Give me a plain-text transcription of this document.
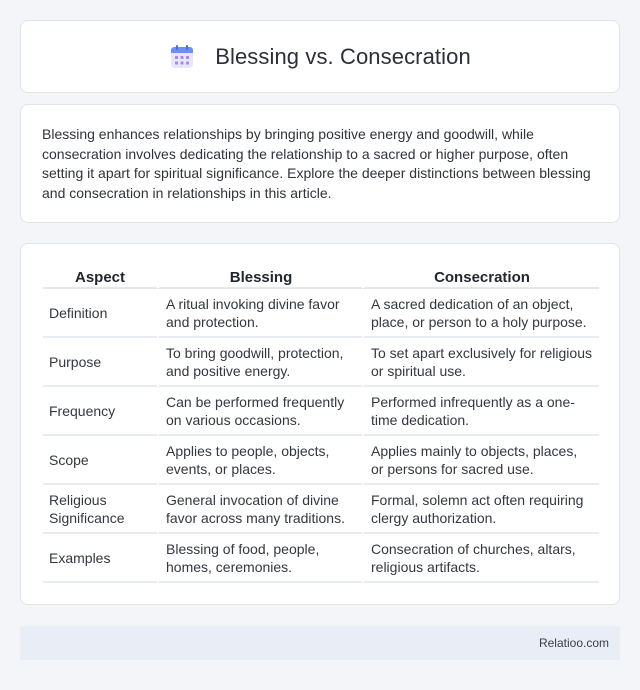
Blessing vs. Consecration

Blessing enhances relationships by bringing positive energy and goodwill, while consecration involves dedicating the relationship to a sacred or higher purpose, often setting it apart for spiritual significance. Explore the deeper distinctions between blessing and consecration in relationships in this article.

Aspect	Blessing	Consecration
Definition	A ritual invoking divine favor and protection.	A sacred dedication of an object, place, or person to a holy purpose.
Purpose	To bring goodwill, protection, and positive energy.	To set apart exclusively for religious or spiritual use.
Frequency	Can be performed frequently on various occasions.	Performed infrequently as a one-time dedication.
Scope	Applies to people, objects, events, or places.	Applies mainly to objects, places, or persons for sacred use.
Religious Significance	General invocation of divine favor across many traditions.	Formal, solemn act often requiring clergy authorization.
Examples	Blessing of food, people, homes, ceremonies.	Consecration of churches, altars, religious artifacts.
Relatioo.com
